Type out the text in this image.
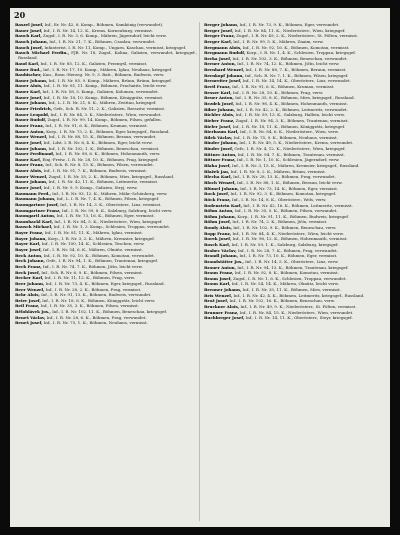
20

Baszel Josef, Inf., Er. Nr. 42, 8. Komp., Böhmen, Samkönig (verwundet).

Bauer Josef, Inf., I. R. Nr. 14, 12. K., Krems, Korneuburg, vermisst.

Bauch Karl, Zugsf., I. R. Nr. 3, 6. Komp., Mähren, Jägerndorf, leicht verw.

Bauch Johann, Inf., I. R. Nr. 21, 7. K., Böhmen, Czaslau, verwundet.

Bauch Josef, Infanterist, I. R. Nr. 11, Komp., Ungarn, Kaschau, vermisst, kriegsgef.

Bauch Michael Ferdin., FJB. Nr. 18, Zugsf., Kalina, Galizien, verwundet, kriegsgef., Russland.

Baud Karl, Inf., I. R. Nr. 85, 12. K., Galizien, Przemyśl, vermisst.

Bauer Rud., Inf., I. R. Nr. 17, 10. Komp., Mähren, Iglau, Neuhaus, kriegsgef.

Baubischer, Kan., Bosn.-Herzeg. Nr. 9, 3. Batt., Böhmen, Budweis, verw.

Bauer Johann, Inf., I. R. Nr. 85, 9. Komp., Mähren, Brünn, Brünn, kriegsgef.

Bauer Alois, Inf., I. R. Nr. 81, 11. Komp., Böhmen, Prachatitz, leicht verw.

Bauer Karl, Inf., I. R. Nr. 58, 5. Komp., Galizien, Kolomea, verwundet.

Bauer Josef, Inf., I. R. Nr. 18, 10. Komp., Böhmen, Königgrätz, vermisst.

Bauer Johann, Inf., L. I. R. Nr. 21, 8. K., Mähren, Zwittau, kriegsgef.

Bauer Friedrich, Gefr., Sch. R. Nr. 11, 2. K., Galizien, Rzeszów, vermisst.

Bauer Leopold, Inf., I. R. Nr. 84, 3. K., Niederösterr., Wien, verwundet.

Bauer Rudolf, Zugsf., I. R. Nr. 99, 14. Komp., Böhmen, Pilsen, gefallen.

Bauer Franz, Inf., I. R. Nr. 91, 6. K., Böhmen, Krumau, vermisst.

Bauer Anton, Korp., I. R. Nr. 73, 2. K., Böhmen, Eger, kriegsgef., Russland.

Bauer Wenzel, Inf., I. R. Nr. 88, 15. K., Böhmen, Beraun, verwundet.

Bauer Josef, Inf., Ldst. I. R. Nr. 6, 4. K., Böhmen, Eger, leicht verw.

Bauer Johann, Inf., I. R. Nr. 102, 1. K., Böhmen, Beneschau, vermisst.

Bauer Ferdinand, Inf., I. R. Nr. 98, 6. K., Böhmen, Hohenmauth, verw.

Bauer Karl, Einj.-Freiw., I. R. Nr. 28, 10. K., Böhmen, Prag, kriegsgef.

Bauer Franz, Inf., Sch. R. Nr. 8, 13. K., Böhmen, Pilsen, verwundet.

Bauer Alois, Inf., I. R. Nr. 91, 7. K., Böhmen, Budweis, vermisst.

Bauer Wenzel, Zugsf., I. R. Nr. 35, 2. K., Böhmen, Mies, kriegsgef., Russland.

Bauer Johann, Inf., I. R. Nr. 42, 11. K., Böhmen, Leitmeritz, vermisst.

Bauer Josef, Inf., I. R. Nr. 9, 9. Komp., Galizien, Stryj, verw.

Baumann Ferd., Inf., I. R. Nr. 93, 12. K., Mähren, Mähr.-Schönberg, verw.

Baumann Johann, Inf., L. I. R. Nr. 7, 4. K., Böhmen, Pilsen, kriegsgef.

Baumgartner Josef, Inf., I. R. Nr. 14, 3. K., Oberösterr., Linz, vermisst.

Baumgartner Franz, Inf., I. R. Nr. 59, 8. K., Salzburg, Salzburg, leicht verw.

Baumgartl Anton, Inf., I. R. Nr. 73, 16. K., Böhmen, Eger, vermisst.

Baumhackl Karl, Inf., I. R. Nr. 84, 5. K., Niederösterr., Wien, kriegsgef.

Bausch Michael, Inf., I. R. Nr. 1, 3. Komp., Schlesien, Troppau, verwundet.

Bayer Franz, Inf., I. R. Nr. 81, 11. K., Mähren, Iglau, vermisst.

Bayer Johann, Korp., I. R. Nr. 3, 2. K., Mähren, Kremsier, kriegsgef.

Bayer Karl, Inf., I. R. Nr. 100, 14. K., Schlesien, Teschen, verw.

Bayer Josef, Inf., I. R. Nr. 54, 6. K., Mähren, Olmütz, vermisst.

Beck Anton, Inf., I. R. Nr. 92, 10. K., Böhmen, Komotau, verwundet.

Beck Johann, Gefr., I. R. Nr. 94, 1. K., Böhmen, Trautenau, kriegsgef.

Beck Franz, Inf., I. R. Nr. 74, 7. K., Böhmen, Jičín, leicht verw.

Beck Josef, Inf., Sch. R. Nr. 6, 9. K., Böhmen, Pilsen, vermisst.

Becker Karl, Inf., I. R. Nr. 11, 12. K., Böhmen, Prag, verw.

Beer Johann, Inf., I. R. Nr. 73, 4. K., Böhmen, Eger, kriegsgef., Russland.

Beer Wenzel, Inf., I. R. Nr. 28, 2. K., Böhmen, Prag, vermisst.

Behr Alois, Inf., I. R. Nr. 91, 13. K., Böhmen, Budweis, verwundet.

Beier Josef, Inf., I. R. Nr. 18, 8. K., Böhmen, Königgrätz, leicht verw.

Beil Franz, Inf., I. R. Nr. 35, 3. K., Böhmen, Pilsen, vermisst.

Bělohlávek Jos., Inf., I. R. Nr. 102, 11. K., Böhmen, Beneschau, kriegsgef.

Beneš Václav, Inf., I. R. Nr. 28, 6. K., Böhmen, Prag, verwundet.

Beneš Josef, Inf., I. R. Nr. 75, 1. K., Böhmen, Neuhaus, vermisst.

Berger Johann, Inf., I. R. Nr. 73, 9. K., Böhmen, Eger, verwundet.

Berger Josef, Inf., I. R. Nr. 84, 11. K., Niederösterr., Wien, kriegsgef.

Berger Franz, Zugsf., I. R. Nr. 49, 2. K., Niederösterr., St. Pölten, vermisst.

Berger Karl, Inf., I. R. Nr. 99, 5. K., Mähren, Znaim, verw.

Bergmann Alois, Inf., I. R. Nr. 92, 16. K., Böhmen, Komotau, vermisst.

Bergmann Rudolf, Korp., I. R. Nr. 1, 4. K., Schlesien, Troppau, kriegsgef.

Berka Josef, Inf., I. R. Nr. 102, 3. K., Böhmen, Beneschau, verwundet.

Berner Anton, Inf., I. R. Nr. 74, 12. K., Böhmen, Jičín, leicht verw.

Bernhard Wenzel, Inf., I. R. Nr. 88, 7. K., Böhmen, Beraun, vermisst.

Bernkopf Johann, Inf., Sch. R. Nr. 7, 1. K., Böhmen, Pilsen, kriegsgef.

Bernreiter Josef, Inf., I. R. Nr. 14, 14. K., Oberösterr., Linz, verwundet.

Bertl Franz, Inf., I. R. Nr. 91, 6. K., Böhmen, Krumau, vermisst.

Besser Karl, Inf., I. R. Nr. 28, 10. K., Böhmen, Prag, verw.

Beuer Anton, Inf., I. R. Nr. 35, 8. K., Böhmen, Mies, kriegsgef., Russland.

Bezdek Josef, Inf., I. R. Nr. 98, 4. K., Böhmen, Hohenmauth, vermisst.

Biber Johann, Inf., I. R. Nr. 42, 2. K., Böhmen, Leitmeritz, verwundet.

Bichler Alois, Inf., I. R. Nr. 59, 13. K., Salzburg, Hallein, leicht verw.

Bieber Franz, Zugsf., I. R. Nr. 94, 3. K., Böhmen, Trautenau, vermisst.

Bieler Josef, Inf., I. R. Nr. 18, 11. K., Böhmen, Königgrätz, kriegsgef.

Bierbaum Karl, Inf., I. R. Nr. 84, 6. K., Niederösterr., Wien, verw.

Bilek Václav, Inf., I. R. Nr. 75, 9. K., Böhmen, Neuhaus, vermisst.

Binder Johann, Inf., I. R. Nr. 49, 5. K., Niederösterr., Krems, verwundet.

Binder Josef, Gefr., I. R. Nr. 4, 12. K., Niederösterr., Wien, kriegsgef.

Bittner Anton, Inf., I. R. Nr. 94, 7. K., Böhmen, Trautenau, vermisst.

Bittner Franz, Inf., I. R. Nr. 1, 10. K., Schlesien, Jägerndorf, verw.

Blaha Josef, Inf., I. R. Nr. 3, 15. K., Mähren, Kremsier, kriegsgef., Russland.

Blažek Jan, Inf., I. R. Nr. 8, 2. K., Mähren, Brünn, vermisst.

Blecha Karl, Inf., I. R. Nr. 28, 13. K., Böhmen, Prag, verwundet.

Bloch Wenzel, Inf., I. R. Nr. 88, 1. K., Böhmen, Beraun, leicht verw.

Blümel Johann, Inf., I. R. Nr. 73, 14. K., Böhmen, Eger, vermisst.

Bock Josef, Inf., I. R. Nr. 92, 3. K., Böhmen, Komotau, kriegsgef.

Böck Franz, Inf., I. R. Nr. 14, 8. K., Oberösterr., Wels, verw.

Bodenstein Karl, Inf., I. R. Nr. 42, 16. K., Böhmen, Leitmeritz, vermisst.

Böhm Anton, Inf., I. R. Nr. 35, 5. K., Böhmen, Pilsen, verwundet.

Böhm Johann, Korp., I. R. Nr. 91, 11. K., Böhmen, Budweis, kriegsgef.

Böhm Josef, Inf., I. R. Nr. 74, 2. K., Böhmen, Jičín, vermisst.

Bondy Alois, Inf., I. R. Nr. 102, 9. K., Böhmen, Beneschau, verw.

Bopp Franz, Inf., I. R. Nr. 84, 4. K., Niederösterr., Wien, leicht verw.

Borek Josef, Inf., I. R. Nr. 98, 12. K., Böhmen, Hohenmauth, vermisst.

Bosch Karl, Inf., I. R. Nr. 59, 1. K., Salzburg, Salzburg, kriegsgef.

Brabec Václav, Inf., I. R. Nr. 28, 7. K., Böhmen, Prag, verwundet.

Brandl Johann, Inf., I. R. Nr. 73, 10. K., Böhmen, Eger, vermisst.

Brandstätter Jos., Inf., I. R. Nr. 14, 5. K., Oberösterr., Linz, verw.

Brauer Anton, Inf., I. R. Nr. 94, 13. K., Böhmen, Trautenau, kriegsgef.

Braun Franz, Inf., I. R. Nr. 92, 8. K., Böhmen, Komotau, vermisst.

Braun Josef, Zugsf., I. R. Nr. 1, 6. K., Schlesien, Troppau, verwundet.

Braun Karl, Inf., I. R. Nr. 54, 14. K., Mähren, Olmütz, leicht verw.

Brenner Johann, Inf., I. R. Nr. 35, 11. K., Böhmen, Mies, vermisst.

Brix Wenzel, Inf., I. R. Nr. 42, 4. K., Böhmen, Leitmeritz, kriegsgef., Russland.

Brož Josef, Inf., I. R. Nr. 102, 16. K., Böhmen, Beneschau, verw.

Bruckner Alois, Inf., I. R. Nr. 49, 9. K., Niederösterr., St. Pölten, vermisst.

Brunner Franz, Inf., I. R. Nr. 84, 15. K., Niederösterr., Wien, verwundet.

Buchberger Josef, Inf., I. R. Nr. 14, 11. K., Oberösterr., Steyr, kriegsgef.
